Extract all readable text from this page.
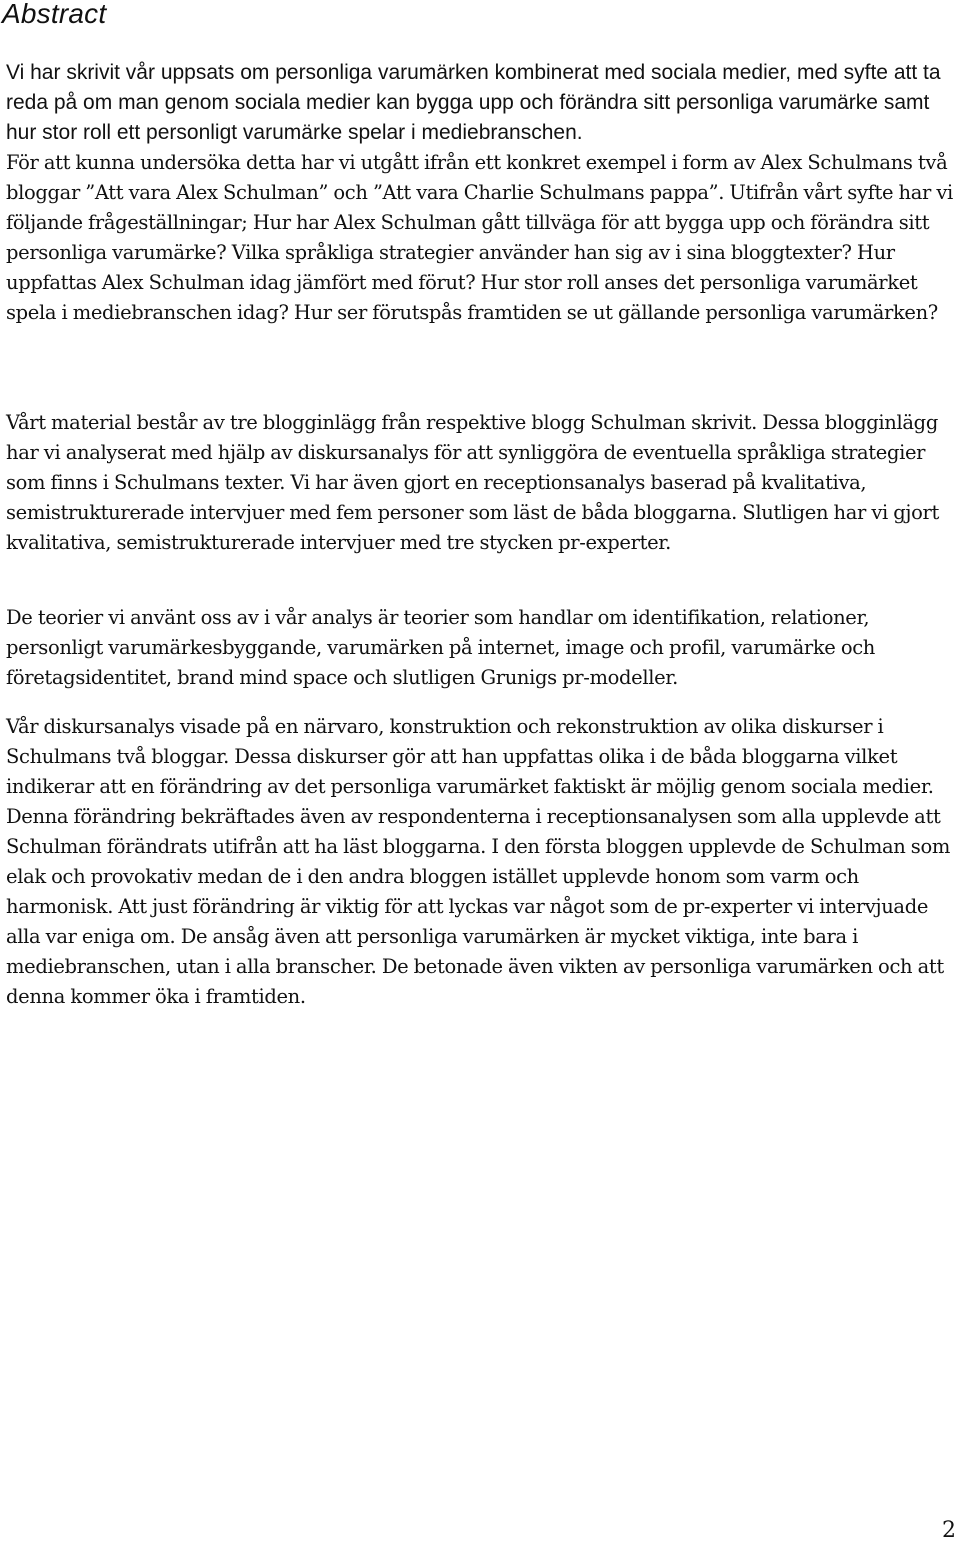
Abstract

Vi har skrivit vår uppsats om personliga varumärken kombinerat med sociala medier, med syfte att ta reda på om man genom sociala medier kan bygga upp och förändra sitt personliga varumärke samt hur stor roll ett personligt varumärke spelar i mediebranschen.

För att kunna undersöka detta har vi utgått ifrån ett konkret exempel i form av Alex Schulmans två bloggar ”Att vara Alex Schulman” och ”Att vara Charlie Schulmans pappa”. Utifrån vårt syfte har vi följande frågeställningar; Hur har Alex Schulman gått tillväga för att bygga upp och förändra sitt personliga varumärke? Vilka språkliga strategier använder han sig av i sina bloggtexter? Hur uppfattas Alex Schulman idag jämfört med förut? Hur stor roll anses det personliga varumärket spela i mediebranschen idag? Hur ser förutspås framtiden se ut gällande personliga varumärken?

Vårt material består av tre blogginlägg från respektive blogg Schulman skrivit. Dessa blogginlägg har vi analyserat med hjälp av diskursanalys för att synliggöra de eventuella språkliga strategier som finns i Schulmans texter. Vi har även gjort en receptionsanalys baserad på kvalitativa, semistrukturerade intervjuer med fem personer som läst de båda bloggarna. Slutligen har vi gjort kvalitativa, semistrukturerade intervjuer med tre stycken pr-experter.

De teorier vi använt oss av i vår analys är teorier som handlar om identifikation, relationer, personligt varumärkesbyggande, varumärken på internet, image och profil, varumärke och företagsidentitet, brand mind space och slutligen Grunigs pr-modeller.

Vår diskursanalys visade på en närvaro, konstruktion och rekonstruktion av olika diskurser i Schulmans två bloggar. Dessa diskurser gör att han uppfattas olika i de båda bloggarna vilket indikerar att en förändring av det personliga varumärket faktiskt är möjlig genom sociala medier. Denna förändring bekräftades även av respondenterna i receptionsanalysen som alla upplevde att Schulman förändrats utifrån att ha läst bloggarna. I den första bloggen upplevde de Schulman som elak och provokativ medan de i den andra bloggen istället upplevde honom som varm och harmonisk. Att just förändring är viktig för att lyckas var något som de pr-experter vi intervjuade alla var eniga om. De ansåg även att personliga varumärken är mycket viktiga, inte bara i mediebranschen, utan i alla branscher. De betonade även vikten av personliga varumärken och att denna kommer öka i framtiden.

2
